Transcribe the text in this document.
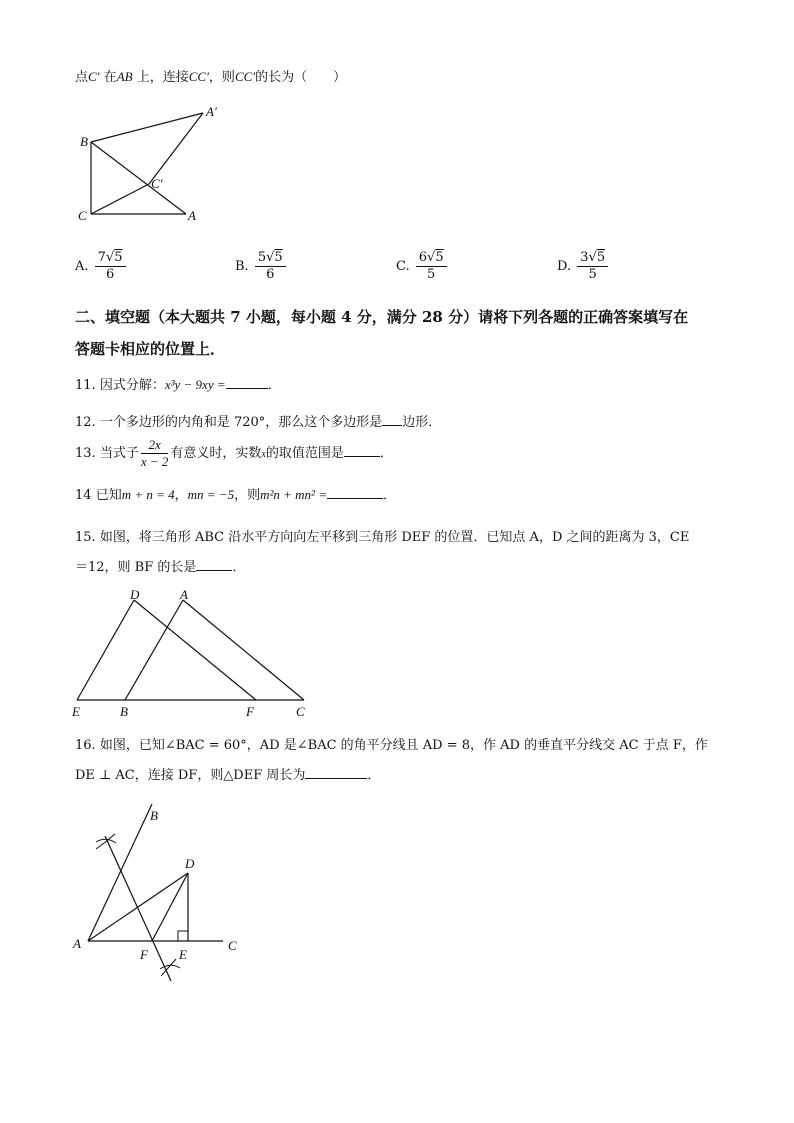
点C′ 在AB 上，连接CC′，则CC′的长为（　　）
B
C	A
A′
C′
A. $\frac{7√5}{6}$	B. $\frac{5√5}{6}$	C. $\frac{6√5}{5}$	D. $\frac{3√5}{5}$
二、填空题（本大题共 7 小题，每小题 4 分，满分 28 分）请将下列各题的正确答案填写在
答题卡相应的位置上．
11. 因式分解：x³y − 9xy =	．
12. 一个多边形的内角和是 720°，那么这个多边形是 边形．
13. 当式子 $\frac{2x}{x - 2}$ 有意义时，实数x的取值范围是	．
14 已知m + n = 4，mn = −5，则m²n + mn² =	．
15. 如图，将三角形 ABC 沿水平方向向左平移到三角形 DEF 的位置．已知点 A，D 之间的距离为 3，CE
＝12，则 BF 的长是	．
D	A
E	B	F	C
16. 如图，已知∠BAC = 60°，AD 是∠BAC 的角平分线且 AD = 8，作 AD 的垂直平分线交 AC 于点 F，作
DE ⊥ AC，连接 DF，则△DEF 周长为	．
B
A	C
D
E
F
